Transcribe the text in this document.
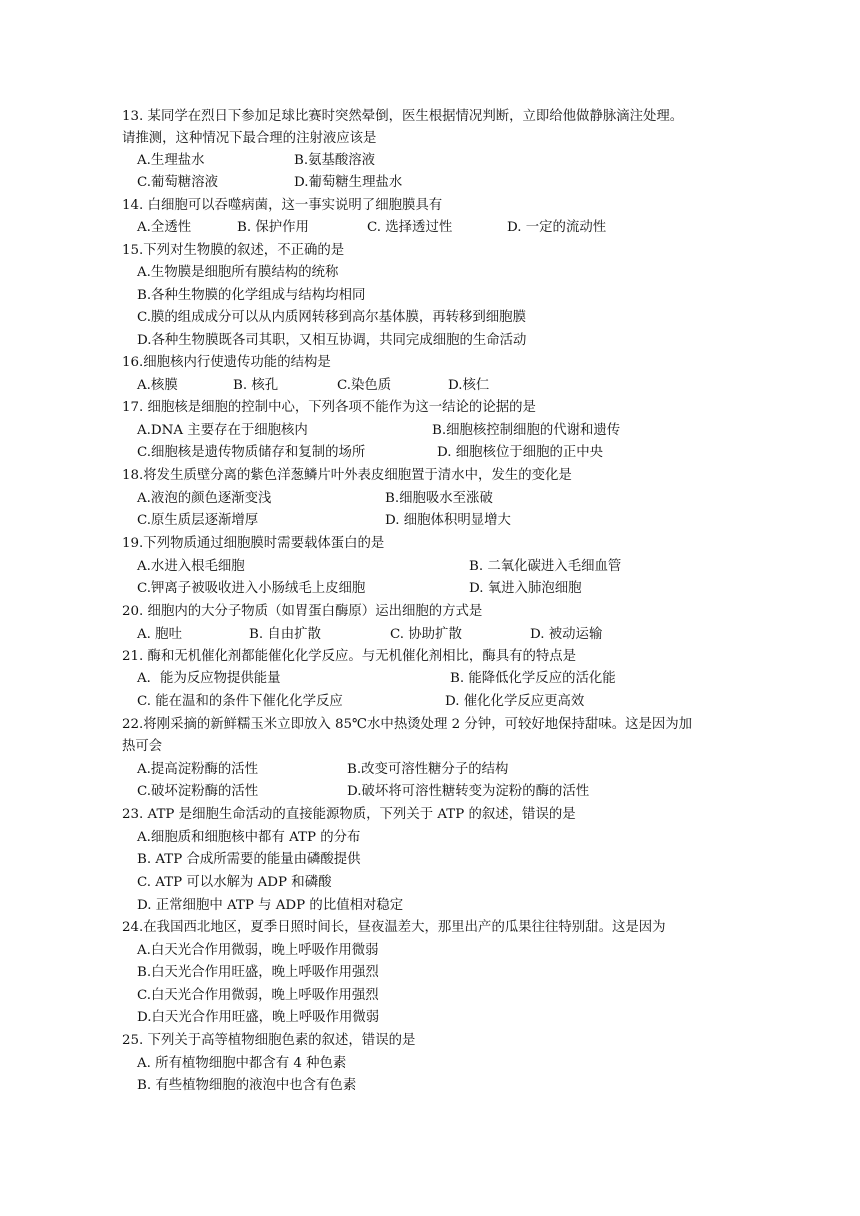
13. 某同学在烈日下参加足球比赛时突然晕倒，医生根据情况判断，立即给他做静脉滴注处理。
请推测，这种情况下最合理的注射液应该是
A.生理盐水	B.氨基酸溶液
C.葡萄糖溶液	D.葡萄糖生理盐水
14. 白细胞可以吞噬病菌，这一事实说明了细胞膜具有
A.全透性	B. 保护作用	C. 选择透过性	D. 一定的流动性
15.下列对生物膜的叙述，不正确的是
A.生物膜是细胞所有膜结构的统称
B.各种生物膜的化学组成与结构均相同
C.膜的组成成分可以从内质网转移到高尔基体膜，再转移到细胞膜
D.各种生物膜既各司其职，又相互协调，共同完成细胞的生命活动
16.细胞核内行使遗传功能的结构是
A.核膜	B. 核孔	C.染色质	D.核仁
17. 细胞核是细胞的控制中心，下列各项不能作为这一结论的论据的是
A.DNA 主要存在于细胞核内	B.细胞核控制细胞的代谢和遗传
C.细胞核是遗传物质储存和复制的场所	D. 细胞核位于细胞的正中央
18.将发生质壁分离的紫色洋葱鳞片叶外表皮细胞置于清水中，发生的变化是
A.液泡的颜色逐渐变浅	B.细胞吸水至涨破
C.原生质层逐渐增厚	D. 细胞体积明显增大
19.下列物质通过细胞膜时需要载体蛋白的是
A.水进入根毛细胞	B. 二氧化碳进入毛细血管
C.钾离子被吸收进入小肠绒毛上皮细胞	D. 氧进入肺泡细胞
20. 细胞内的大分子物质（如胃蛋白酶原）运出细胞的方式是
A. 胞吐	B. 自由扩散	C. 协助扩散	D. 被动运输
21. 酶和无机催化剂都能催化化学反应。与无机催化剂相比，酶具有的特点是
A．能为反应物提供能量	B. 能降低化学反应的活化能
C. 能在温和的条件下催化化学反应	D. 催化化学反应更高效
22.将刚采摘的新鲜糯玉米立即放入 85℃水中热烫处理 2 分钟，可较好地保持甜味。这是因为加
热可会
A.提高淀粉酶的活性	B.改变可溶性糖分子的结构
C.破坏淀粉酶的活性	D.破坏将可溶性糖转变为淀粉的酶的活性
23. ATP 是细胞生命活动的直接能源物质，下列关于 ATP 的叙述，错误的是
A.细胞质和细胞核中都有 ATP 的分布
B. ATP 合成所需要的能量由磷酸提供
C. ATP 可以水解为 ADP 和磷酸
D. 正常细胞中 ATP 与 ADP 的比值相对稳定
24.在我国西北地区，夏季日照时间长，昼夜温差大，那里出产的瓜果往往特别甜。这是因为
A.白天光合作用微弱，晚上呼吸作用微弱
B.白天光合作用旺盛，晚上呼吸作用强烈
C.白天光合作用微弱，晚上呼吸作用强烈
D.白天光合作用旺盛，晚上呼吸作用微弱
25. 下列关于高等植物细胞色素的叙述，错误的是
A. 所有植物细胞中都含有 4 种色素
B. 有些植物细胞的液泡中也含有色素
